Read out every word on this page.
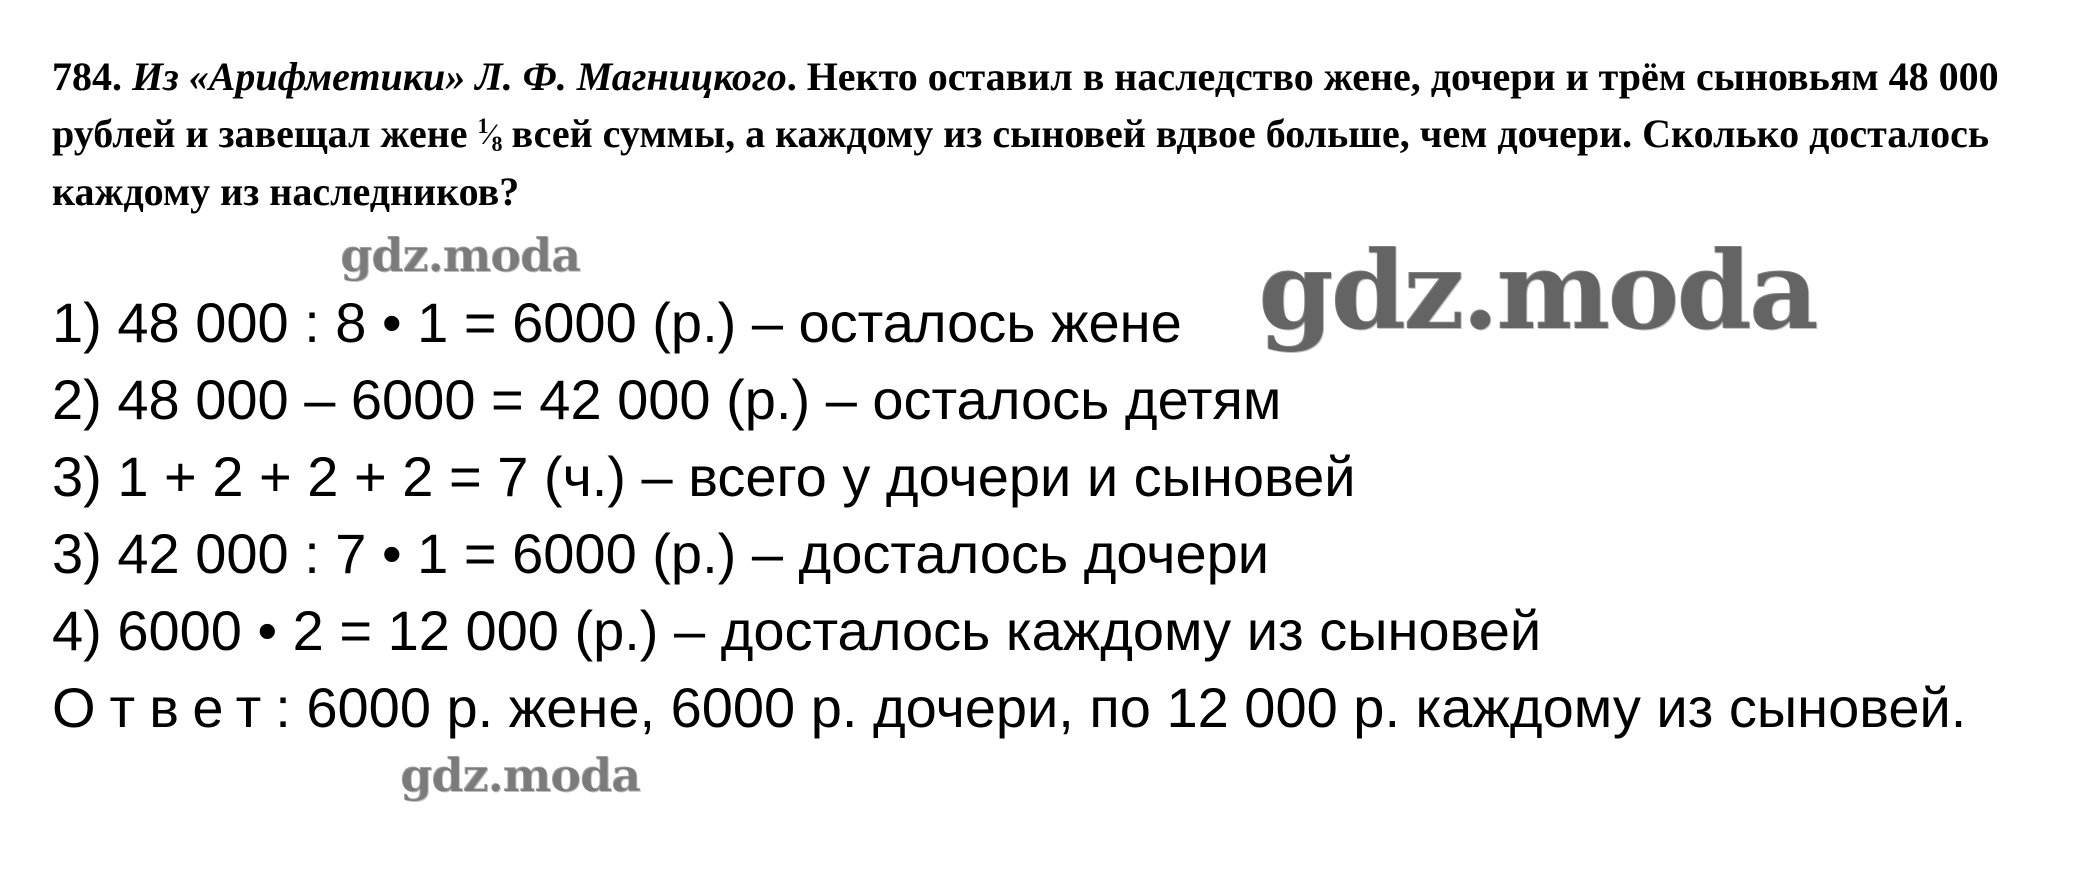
784. Из «Арифметики» Л. Ф. Магницкого. Некто оставил в наследство жене, дочери и трём сыновьям 48 000 рублей и завещал жене $^1⁄_8$ всей суммы, а каждому из сыновей вдвое больше, чем дочери. Сколько досталось каждому из наследников?
1) 48 000 : 8 • 1 = 6000 (р.) – осталось жене
2) 48 000 – 6000 = 42 000 (р.) – осталось детям
3) 1 + 2 + 2 + 2 = 7 (ч.) – всего у дочери и сыновей
3) 42 000 : 7 • 1 = 6000 (р.) – досталось дочери
4) 6000 • 2 = 12 000 (р.) – досталось каждому из сыновей
Ответ: 6000 р. жене, 6000 р. дочери, по 12 000 р. каждому из сыновей.
gdz.moda	gdz.moda
gdz.moda
